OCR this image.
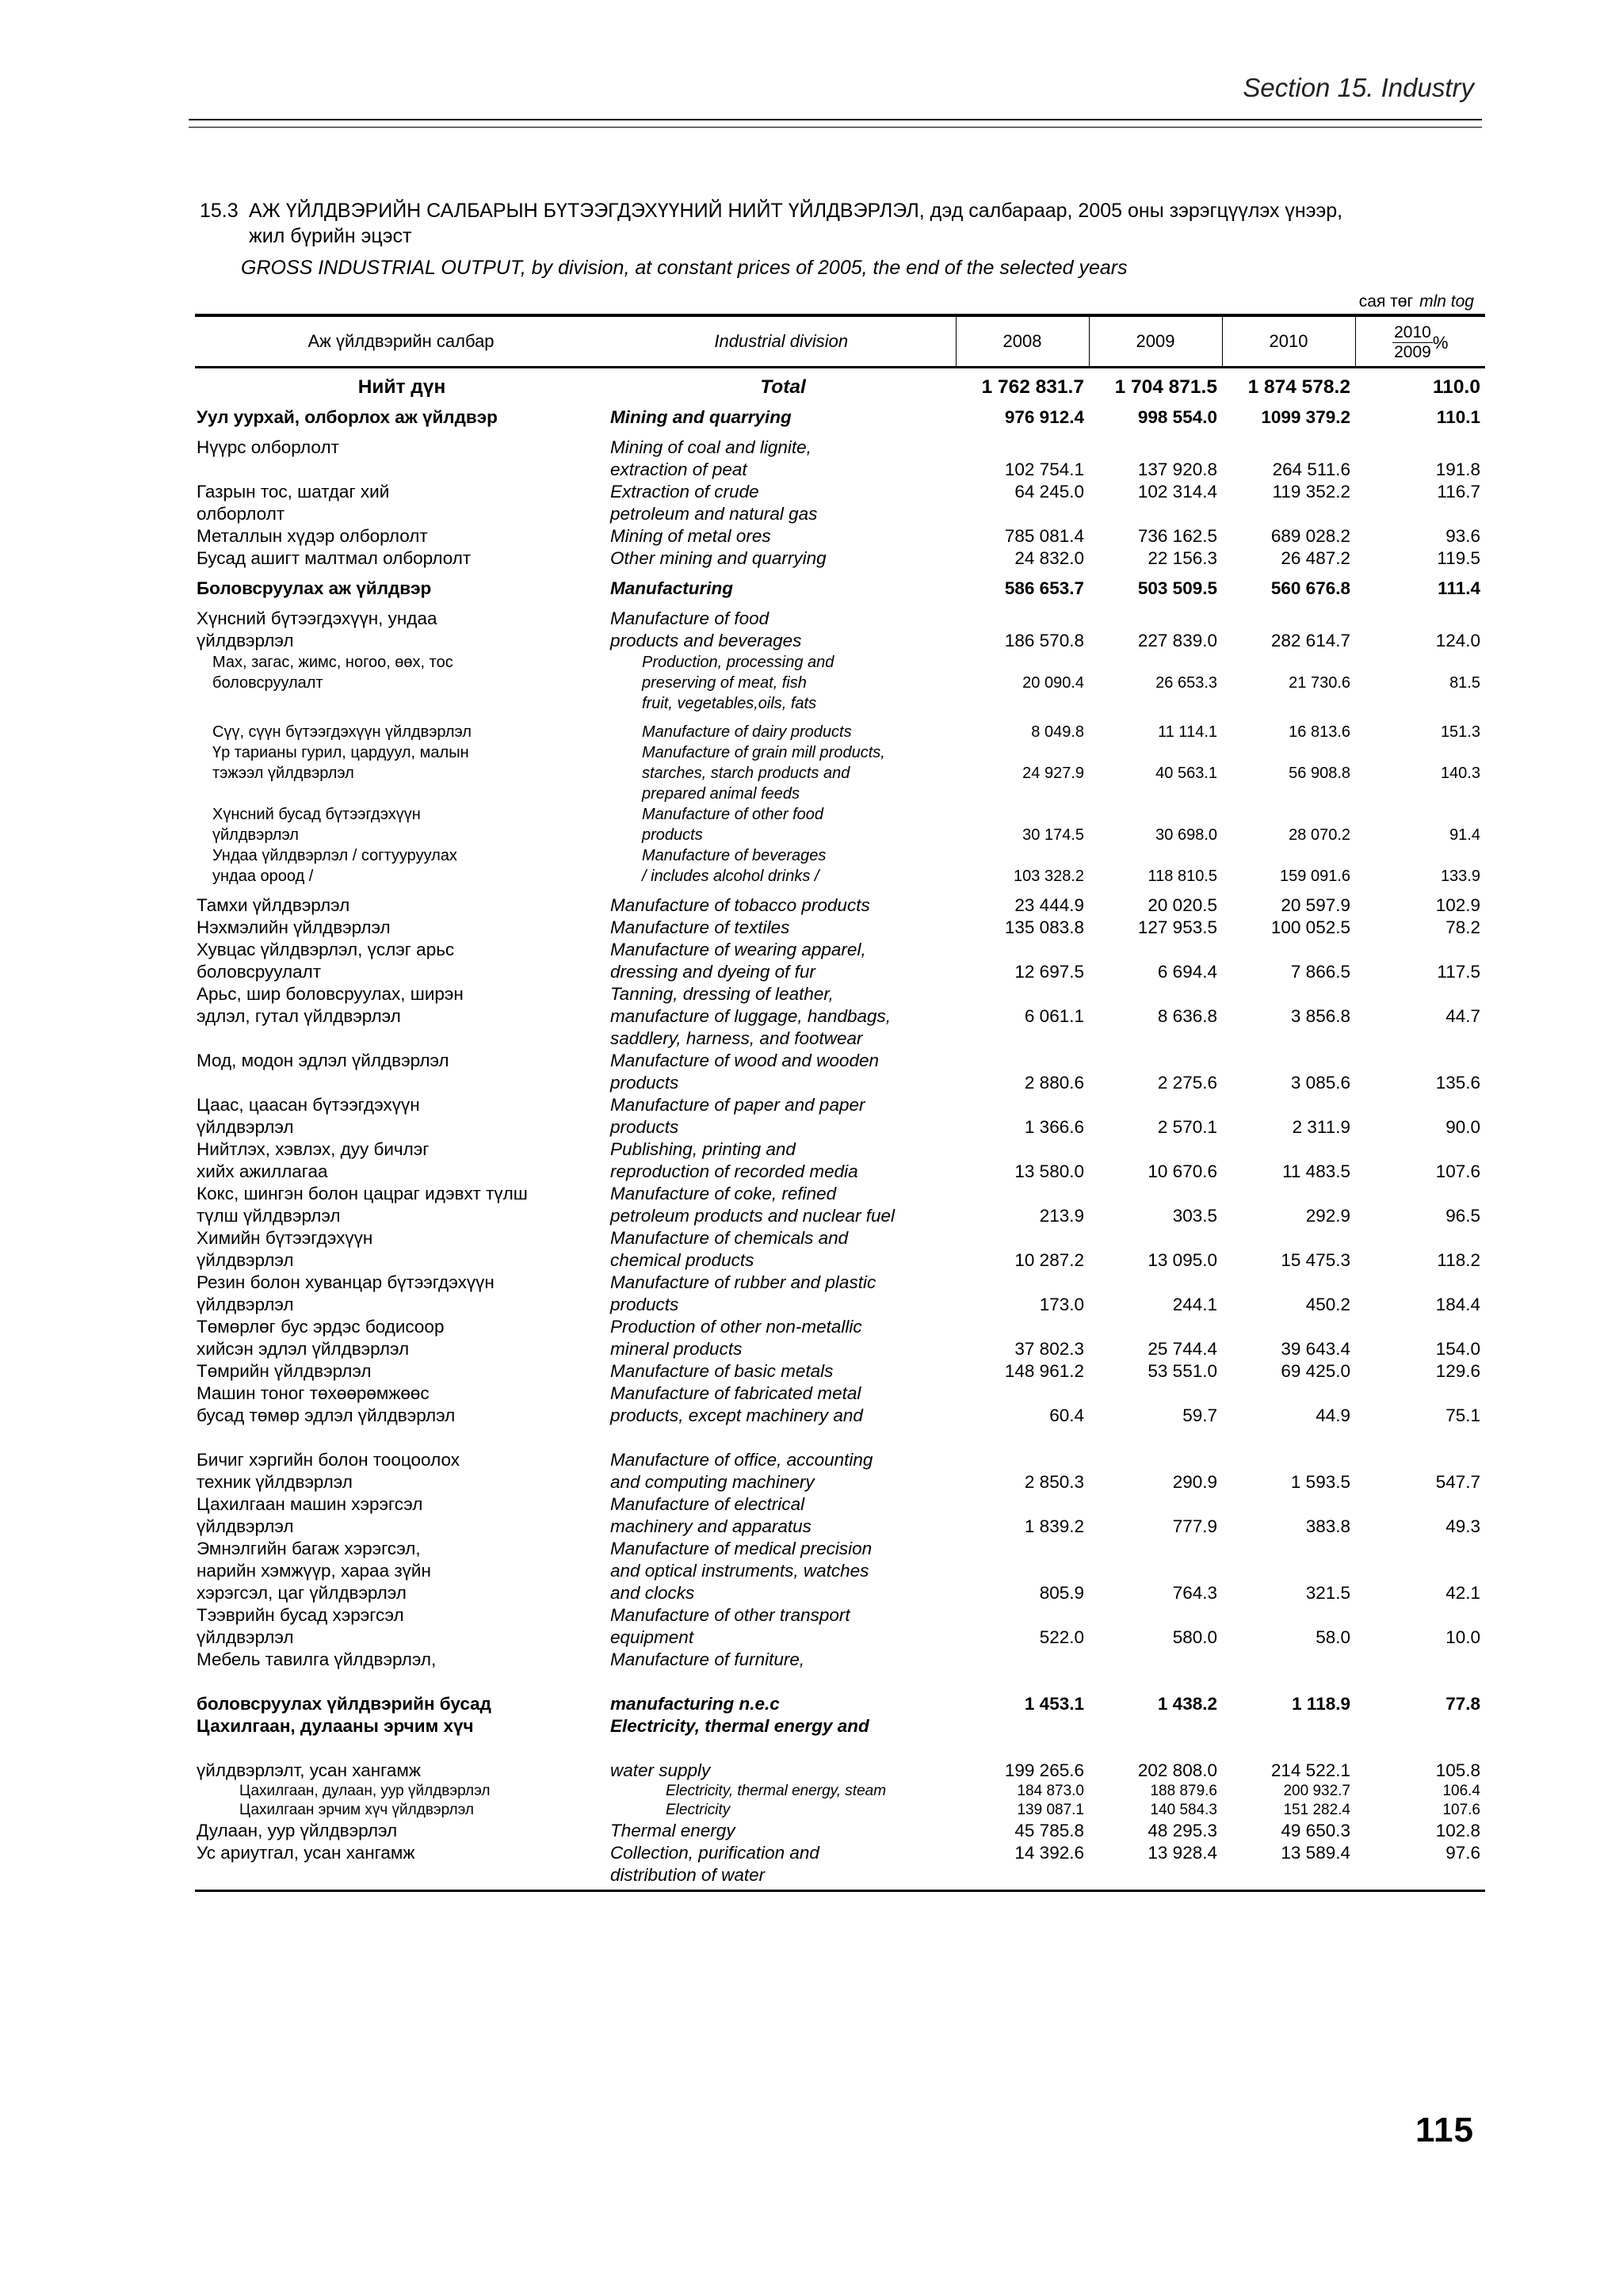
Section 15. Industry
15.3 АЖ ҮЙЛДВЭРИЙН САЛБАРЫН БҮТЭЭГДЭХҮҮНИЙ НИЙТ ҮЙЛДВЭРЛЭЛ, дэд салбараар, 2005 оны зэрэгцүүлэх үнээр,
жил бүрийн эцэст
GROSS INDUSTRIAL OUTPUT, by division, at constant prices of 2005, the end of the selected years
сая төг mln tog
Аж үйлдвэрийн салбар	Industrial division	2008	2009	2010	$\frac{2010}{2009}$ %

Нийт дүн	Total	1 762 831.7	1 704 871.5	1 874 578.2	110.0
Уул уурхай, олборлох аж үйлдвэр	Mining and quarrying	976 912.4	998 554.0	1099 379.2	110.1
Нүүрс олборлолт	Mining of coal and lignite,				
	extraction of peat	102 754.1	137 920.8	264 511.6	191.8
Газрын тос, шатдаг хий	Extraction of crude	64 245.0	102 314.4	119 352.2	116.7
олборлолт	petroleum and natural gas				
Металлын хүдэр олборлолт	Mining of metal ores	785 081.4	736 162.5	689 028.2	93.6
Бусад ашигт малтмал олборлолт	Other mining and quarrying	24 832.0	22 156.3	26 487.2	119.5
Боловсруулах аж үйлдвэр	Manufacturing	586 653.7	503 509.5	560 676.8	111.4
Хүнсний бүтээгдэхүүн, ундаа	Manufacture of food				
үйлдвэрлэл	products and beverages	186 570.8	227 839.0	282 614.7	124.0
Мах, загас, жимс, ногоо, өөх, тос	Production, processing and				
боловсруулалт	preserving of meat, fish	20 090.4	26 653.3	21 730.6	81.5
	fruit, vegetables,oils, fats				
Сүү, сүүн бүтээгдэхүүн үйлдвэрлэл	Manufacture of dairy products	8 049.8	11 114.1	16 813.6	151.3
Үр тарианы гурил, цардуул, малын	Manufacture of grain mill products,				
тэжээл үйлдвэрлэл	starches, starch products and	24 927.9	40 563.1	56 908.8	140.3
	prepared animal feeds				
Хүнсний бусад бүтээгдэхүүн	Manufacture of other food				
үйлдвэрлэл	products	30 174.5	30 698.0	28 070.2	91.4
Ундаа үйлдвэрлэл / согтууруулах	Manufacture of beverages				
ундаа ороод /	/ includes alcohol drinks /	103 328.2	118 810.5	159 091.6	133.9
Тамхи үйлдвэрлэл	Manufacture of tobacco products	23 444.9	20 020.5	20 597.9	102.9
Нэхмэлийн үйлдвэрлэл	Manufacture of textiles	135 083.8	127 953.5	100 052.5	78.2
Хувцас үйлдвэрлэл, үслэг арьс	Manufacture of wearing apparel,				
боловсруулалт	dressing and dyeing of fur	12 697.5	6 694.4	7 866.5	117.5
Арьс, шир боловсруулах, ширэн	Tanning, dressing of leather,				
эдлэл, гутал үйлдвэрлэл	manufacture of luggage, handbags,	6 061.1	8 636.8	3 856.8	44.7
	saddlery, harness, and footwear				
Мод, модон эдлэл үйлдвэрлэл	Manufacture of wood and wooden				
	products	2 880.6	2 275.6	3 085.6	135.6
Цаас, цаасан бүтээгдэхүүн	Manufacture of paper and paper				
үйлдвэрлэл	products	1 366.6	2 570.1	2 311.9	90.0
Нийтлэх, хэвлэх, дуу бичлэг	Publishing, printing and				
хийх ажиллагаа	reproduction of recorded media	13 580.0	10 670.6	11 483.5	107.6
Кокс, шингэн болон цацраг идэвхт түлш	Manufacture of coke, refined				
түлш үйлдвэрлэл	petroleum products and nuclear fuel	213.9	303.5	292.9	96.5
Химийн бүтээгдэхүүн	Manufacture of chemicals and				
үйлдвэрлэл	chemical products	10 287.2	13 095.0	15 475.3	118.2
Резин болон хуванцар бүтээгдэхүүн	Manufacture of rubber and plastic				
үйлдвэрлэл	products	173.0	244.1	450.2	184.4
Төмөрлөг бус эрдэс бодисоор	Production of other non-metallic				
хийсэн эдлэл үйлдвэрлэл	mineral products	37 802.3	25 744.4	39 643.4	154.0
Төмрийн үйлдвэрлэл	Manufacture of basic metals	148 961.2	53 551.0	69 425.0	129.6
Машин тоног төхөөрөмжөөс	Manufacture of fabricated metal				
бусад төмөр эдлэл үйлдвэрлэл	products, except machinery and	60.4	59.7	44.9	75.1
Бичиг хэргийн болон тооцоолох	Manufacture of office, accounting				
техник үйлдвэрлэл	and computing machinery	2 850.3	290.9	1 593.5	547.7
Цахилгаан машин хэрэгсэл	Manufacture of electrical				
үйлдвэрлэл	machinery and apparatus	1 839.2	777.9	383.8	49.3
Эмнэлгийн багаж хэрэгсэл,	Manufacture of medical precision				
нарийн хэмжүүр, хараа зүйн	and optical instruments, watches				
хэрэгсэл, цаг үйлдвэрлэл	and clocks	805.9	764.3	321.5	42.1
Тээврийн бусад хэрэгсэл	Manufacture of other transport				
үйлдвэрлэл	equipment	522.0	580.0	58.0	10.0
Мебель тавилга үйлдвэрлэл,	Manufacture of furniture,				
боловсруулах үйлдвэрийн бусад	manufacturing n.e.c	1 453.1	1 438.2	1 118.9	77.8
Цахилгаан, дулааны эрчим хүч	Electricity, thermal energy and				
үйлдвэрлэлт, усан хангамж	water supply	199 265.6	202 808.0	214 522.1	105.8
Цахилгаан, дулаан, уур үйлдвэрлэл	Electricity, thermal energy, steam	184 873.0	188 879.6	200 932.7	106.4
Цахилгаан эрчим хүч үйлдвэрлэл	Electricity	139 087.1	140 584.3	151 282.4	107.6
Дулаан, уур үйлдвэрлэл	Thermal energy	45 785.8	48 295.3	49 650.3	102.8
Ус ариутгал, усан хангамж	Collection, purification and	14 392.6	13 928.4	13 589.4	97.6
	distribution of water				
115
